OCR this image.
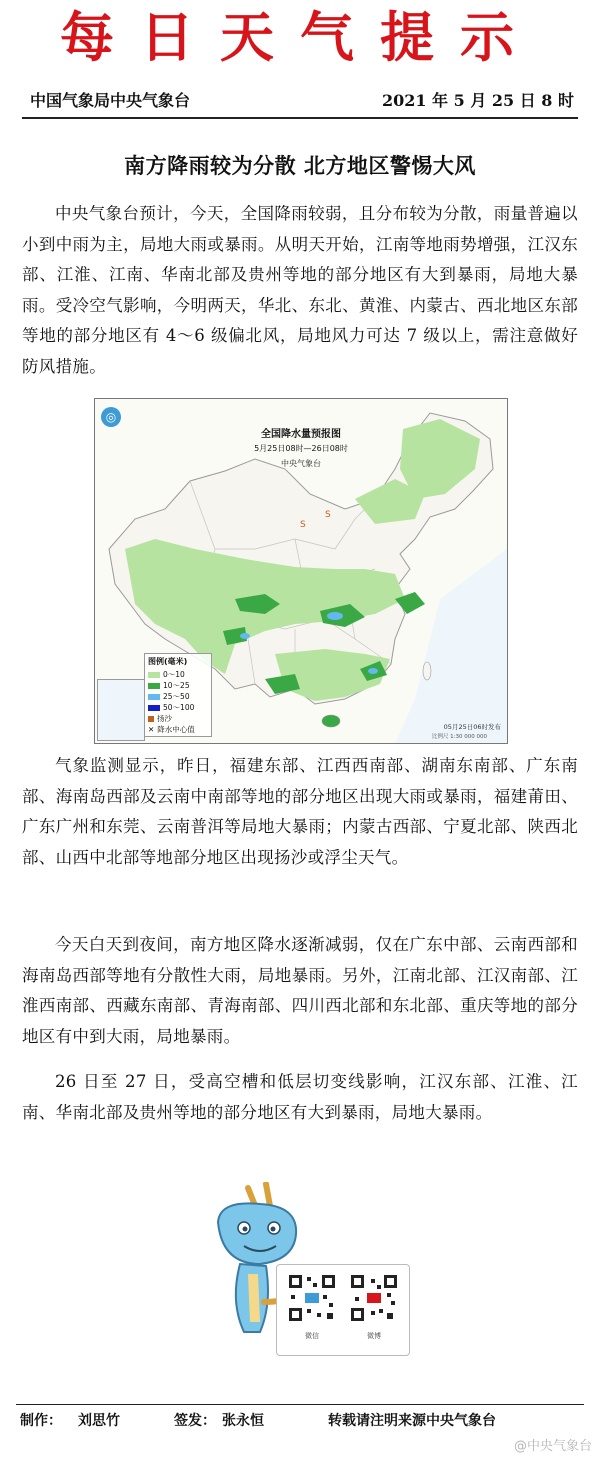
每日天气提示
中国气象局中央气象台	2021 年 5 月 25 日 8 时
南方降雨较为分散 北方地区警惕大风
中央气象台预计，今天，全国降雨较弱，且分布较为分散，雨量普遍以小到中雨为主，局地大雨或暴雨。从明天开始，江南等地雨势增强，江汉东部、江淮、江南、华南北部及贵州等地的部分地区有大到暴雨，局地大暴雨。受冷空气影响，今明两天，华北、东北、黄淮、内蒙古、西北地区东部等地的部分地区有 4～6 级偏北风，局地风力可达 7 级以上，需注意做好防风措施。
S
S
◎
全国降水量预报图
5月25日08时—26日08时
中央气象台
图例(毫米)
0～10
10～25
25～50
50～100
扬沙
✕ 降水中心值	05月25日06时发布
比例尺 1:30 000 000
气象监测显示，昨日，福建东部、江西西南部、湖南东南部、广东南部、海南岛西部及云南中南部等地的部分地区出现大雨或暴雨，福建莆田、广东广州和东莞、云南普洱等局地大暴雨；内蒙古西部、宁夏北部、陕西北部、山西中北部等地部分地区出现扬沙或浮尘天气。
今天白天到夜间，南方地区降水逐渐减弱，仅在广东中部、云南西部和海南岛西部等地有分散性大雨，局地暴雨。另外，江南北部、江汉南部、江淮西南部、西藏东南部、青海南部、四川西北部和东北部、重庆等地的部分地区有中到大雨，局地暴雨。
26 日至 27 日，受高空槽和低层切变线影响，江汉东部、江淮、江南、华南北部及贵州等地的部分地区有大到暴雨，局地大暴雨。
微信	微博
制作： 刘思竹	签发： 张永恒	转载请注明来源中央气象台
@中央气象台
